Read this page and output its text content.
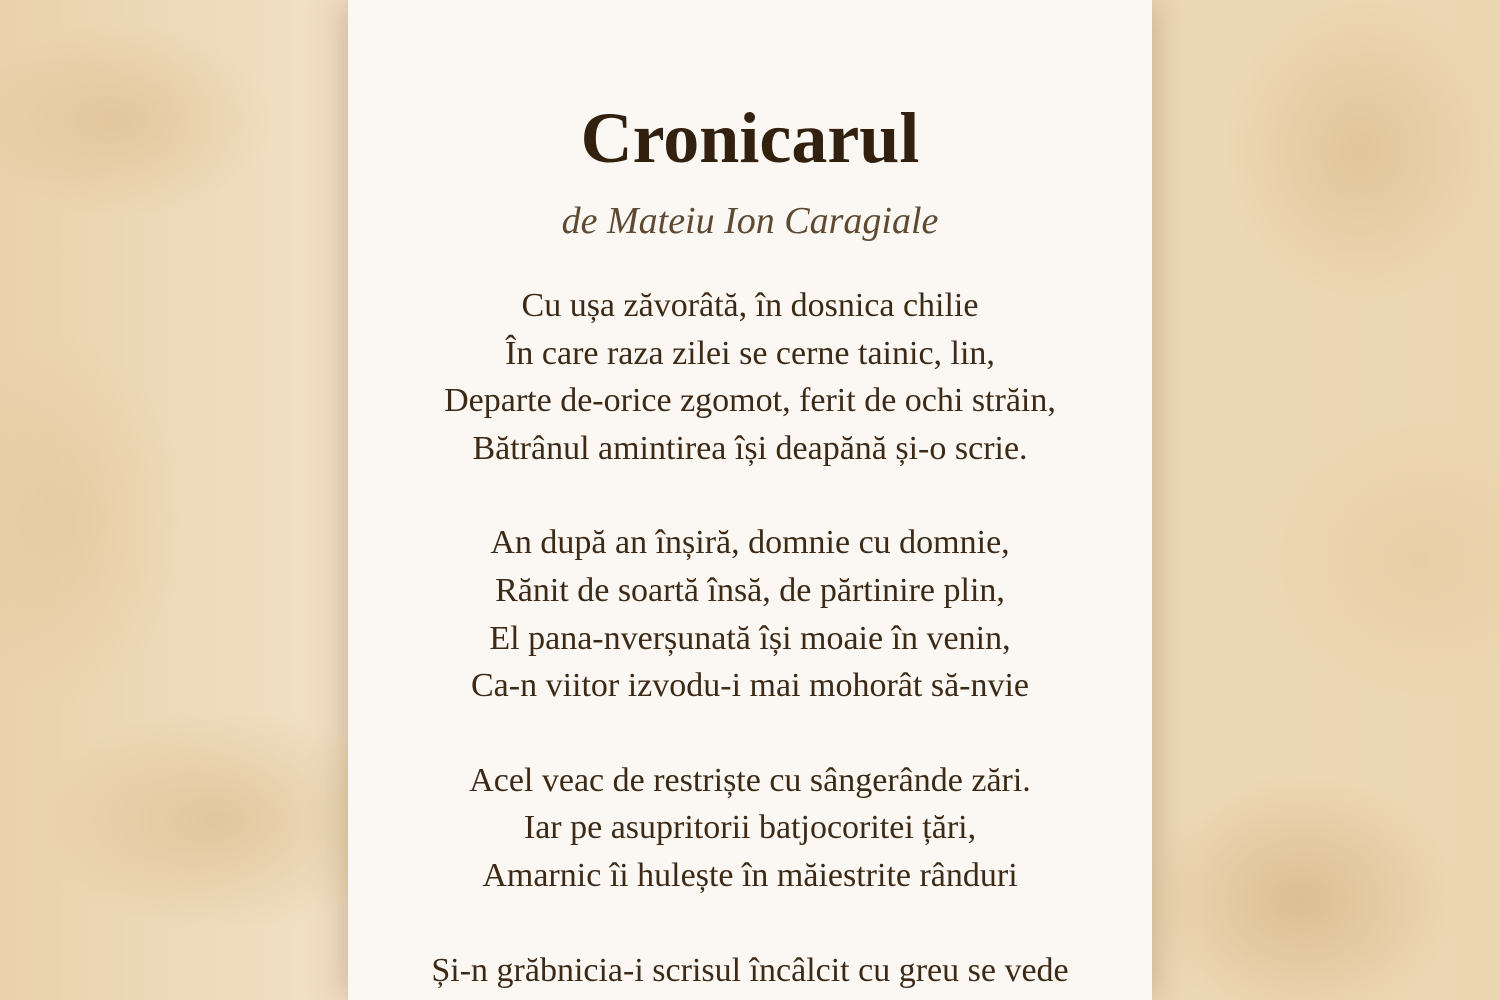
Cronicarul

de Mateiu Ion Caragiale

Cu ușa zăvorâtă, în dosnica chilie
În care raza zilei se cerne tainic, lin,
Departe de-orice zgomot, ferit de ochi străin,
Bătrânul amintirea își deapănă și-o scrie.
An după an înșiră, domnie cu domnie,
Rănit de soartă însă, de părtinire plin,
El pana-nverșunată își moaie în venin,
Ca-n viitor izvodu-i mai mohorât să-nvie
Acel veac de restriște cu sângerânde zări.
Iar pe asupritorii batjocoritei țări,
Amarnic îi hulește în măiestrite rânduri
Și-n grăbnicia-i scrisul încâlcit cu greu se vede
